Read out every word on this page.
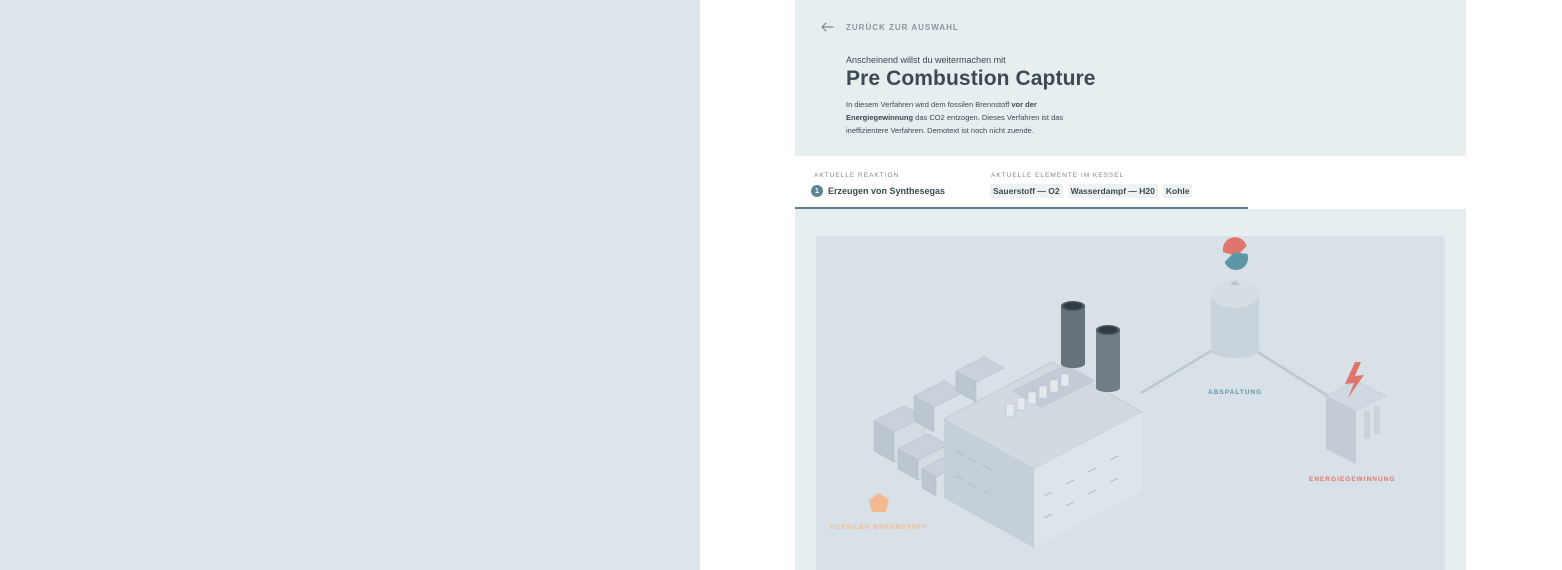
ZURÜCK ZUR AUSWAHL
Anscheinend willst du weitermachen mit
Pre Combustion Capture

In diesem Verfahren wird dem fossilen Brennstoff vor der Energiegewinnung das CO2 entzogen. Dieses Verfahren ist das ineffizientere Verfahren. Demotext ist noch nicht zuende.

AKTUELLE REAKTION
1	Erzeugen von Synthesegas
AKTUELLE ELEMENTE IM KESSEL
Sauerstoff — O2	Wasserdampf — H20	Kohle
ABSPALTUNG
ENERGIEGEWINNUNG
FOSSILER BRENNSTOFF
